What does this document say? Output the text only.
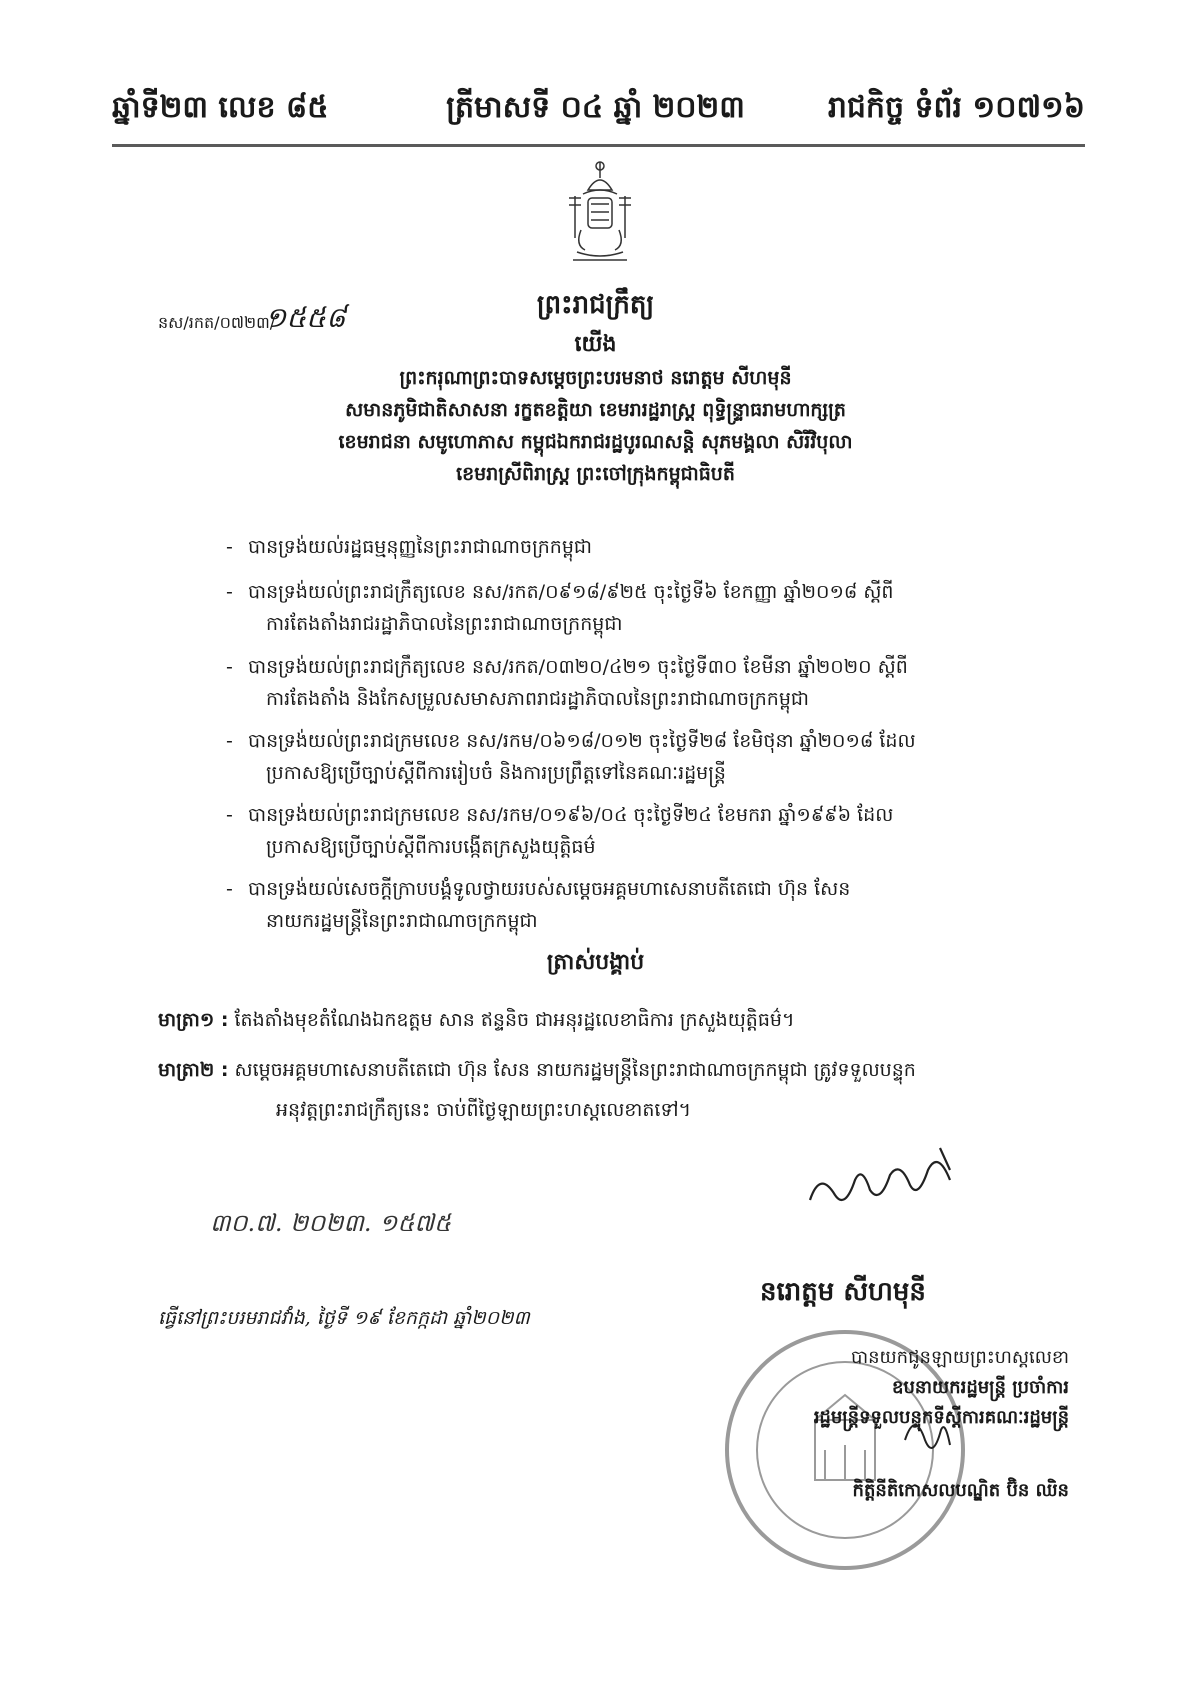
ឆ្នាំទី២៣ លេខ ៨៥	ត្រីមាសទី ០៤ ឆ្នាំ ២០២៣	រាជកិច្ច ទំព័រ ១០៧១៦
ព្រះរាជក្រឹត្យ
នស/រកត/០៧២៣/
១៥៥៨
យើង
ព្រះករុណាព្រះបាទសម្ដេចព្រះបរមនាថ នរោត្តម សីហមុនី
សមានភូមិជាតិសាសនា រក្ខតខត្តិយា ខេមរារដ្ឋរាស្ត្រ ពុទ្ធិន្ទ្រាធរាមហាក្សត្រ
ខេមរាជនា សមូហោភាស កម្ពុជឯករាជរដ្ឋបូរណសន្តិ សុភមង្គលា សិរីវិបុលា
ខេមរាស្រីពិរាស្ត្រ ព្រះចៅក្រុងកម្ពុជាធិបតី
- បានទ្រង់យល់រដ្ឋធម្មនុញ្ញនៃព្រះរាជាណាចក្រកម្ពុជា
- បានទ្រង់យល់ព្រះរាជក្រឹត្យលេខ នស/រកត/០៩១៨/៩២៥ ចុះថ្ងៃទី៦ ខែកញ្ញា ឆ្នាំ២០១៨ ស្ដីពី
ការតែងតាំងរាជរដ្ឋាភិបាលនៃព្រះរាជាណាចក្រកម្ពុជា
- បានទ្រង់យល់ព្រះរាជក្រឹត្យលេខ នស/រកត/០៣២០/៤២១ ចុះថ្ងៃទី៣០ ខែមីនា ឆ្នាំ២០២០ ស្ដីពី
ការតែងតាំង និងកែសម្រួលសមាសភាពរាជរដ្ឋាភិបាលនៃព្រះរាជាណាចក្រកម្ពុជា
- បានទ្រង់យល់ព្រះរាជក្រមលេខ នស/រកម/០៦១៨/០១២ ចុះថ្ងៃទី២៨ ខែមិថុនា ឆ្នាំ២០១៨ ដែល
ប្រកាសឱ្យប្រើច្បាប់ស្ដីពីការរៀបចំ និងការប្រព្រឹត្តទៅនៃគណៈរដ្ឋមន្ត្រី
- បានទ្រង់យល់ព្រះរាជក្រមលេខ នស/រកម/០១៩៦/០៤ ចុះថ្ងៃទី២៤ ខែមករា ឆ្នាំ១៩៩៦ ដែល
ប្រកាសឱ្យប្រើច្បាប់ស្ដីពីការបង្កើតក្រសួងយុត្តិធម៌
- បានទ្រង់យល់សេចក្ដីក្រាបបង្គំទូលថ្វាយរបស់សម្ដេចអគ្គមហាសេនាបតីតេជោ ហ៊ុន សែន
នាយករដ្ឋមន្ត្រីនៃព្រះរាជាណាចក្រកម្ពុជា
ត្រាស់បង្គាប់
មាត្រា១ : តែងតាំងមុខតំណែងឯកឧត្តម សាន ឥន្ទនិច ជាអនុរដ្ឋលេខាធិការ ក្រសួងយុត្តិធម៌។
មាត្រា២ : សម្ដេចអគ្គមហាសេនាបតីតេជោ ហ៊ុន សែន នាយករដ្ឋមន្ត្រីនៃព្រះរាជាណាចក្រកម្ពុជា ត្រូវទទួលបន្ទុក
អនុវត្តព្រះរាជក្រឹត្យនេះ ចាប់ពីថ្ងៃឡាយព្រះហស្តលេខាតទៅ។
៣០.៧. ២០២៣. ១៥៧៥
នរោត្តម សីហមុនី
ធ្វើនៅព្រះបរមរាជវាំង, ថ្ងៃទី ១៩ ខែកក្កដា ឆ្នាំ២០២៣
បានយកជូនឡាយព្រះហស្តលេខា
ឧបនាយករដ្ឋមន្ត្រី ប្រចាំការ
រដ្ឋមន្ត្រីទទួលបន្ទុកទីស្ដីការគណៈរដ្ឋមន្ត្រី
កិត្តិនីតិកោសលបណ្ឌិត ប៊ិន ឈិន
